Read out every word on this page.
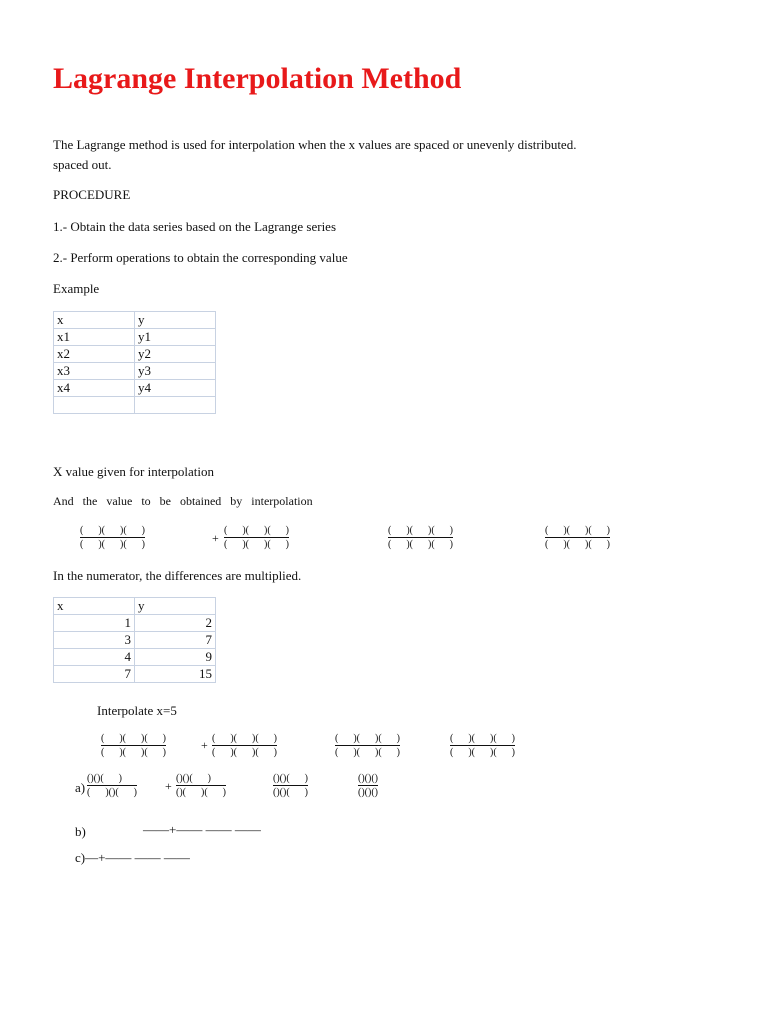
Lagrange Interpolation Method
The Lagrange method is used for interpolation when the x values are spaced or unevenly distributed.
spaced out.
PROCEDURE
1.- Obtain the data series based on the Lagrange series
2.- Perform operations to obtain the corresponding value
Example
x	y
x1	y1
x2	y2
x3	y3
x4	y4

X value given for interpolation
And the value to be obtained by interpolation
(      )(      )(      )
(      )(      )(      )	+
(      )(      )(      )
(      )(      )(      )
(      )(      )(      )
(      )(      )(      )
(      )(      )(      )
(      )(      )(      )
In the numerator, the differences are multiplied.
x	y
1	2
3	7
4	9
7	15
Interpolate x=5
(      )(      )(      )
(      )(      )(      )
+ (      )(      )(      )
(      )(      )(      )
(      )(      )(      )
(      )(      )(      )
(      )(      )(      )
(      )(      )(      )
a)
()()(      )
(      )()(      ) +
()()(      )
()(      )(      )
()()(      )
()()(      )
()()()
()()()
b)	——+—— —— ——
c)—+—— —— ——
